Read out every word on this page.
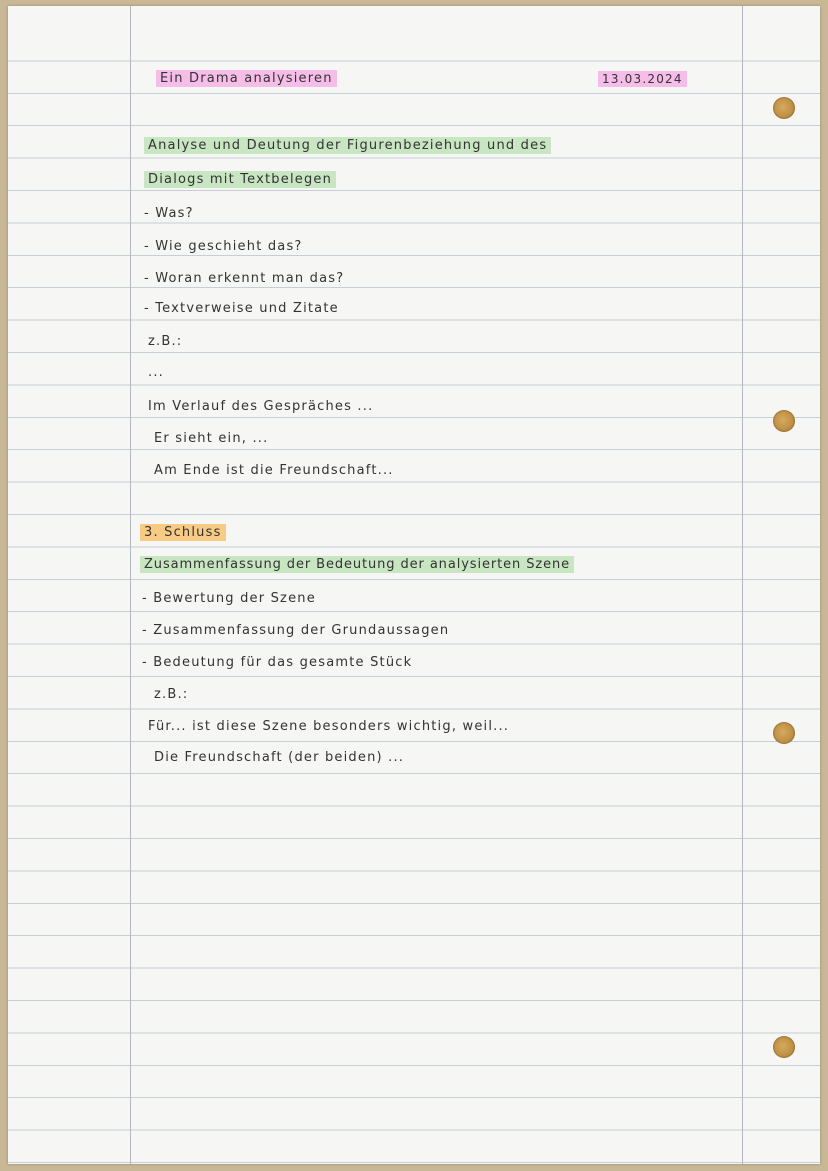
Ein Drama analysieren	13.03.2024

Analyse und Deutung der Figurenbeziehung und des

Dialogs mit Textbelegen

- Was?

- Wie geschieht das?

- Woran erkennt man das?

- Textverweise und Zitate

z.B.:

...

Im Verlauf des Gespräches ...

Er sieht ein, ...

Am Ende ist die Freundschaft...

3. Schluss

Zusammenfassung der Bedeutung der analysierten Szene

- Bewertung der Szene

- Zusammenfassung der Grundaussagen

- Bedeutung für das gesamte Stück

z.B.:

Für... ist diese Szene besonders wichtig, weil...

Die Freundschaft (der beiden) ...
